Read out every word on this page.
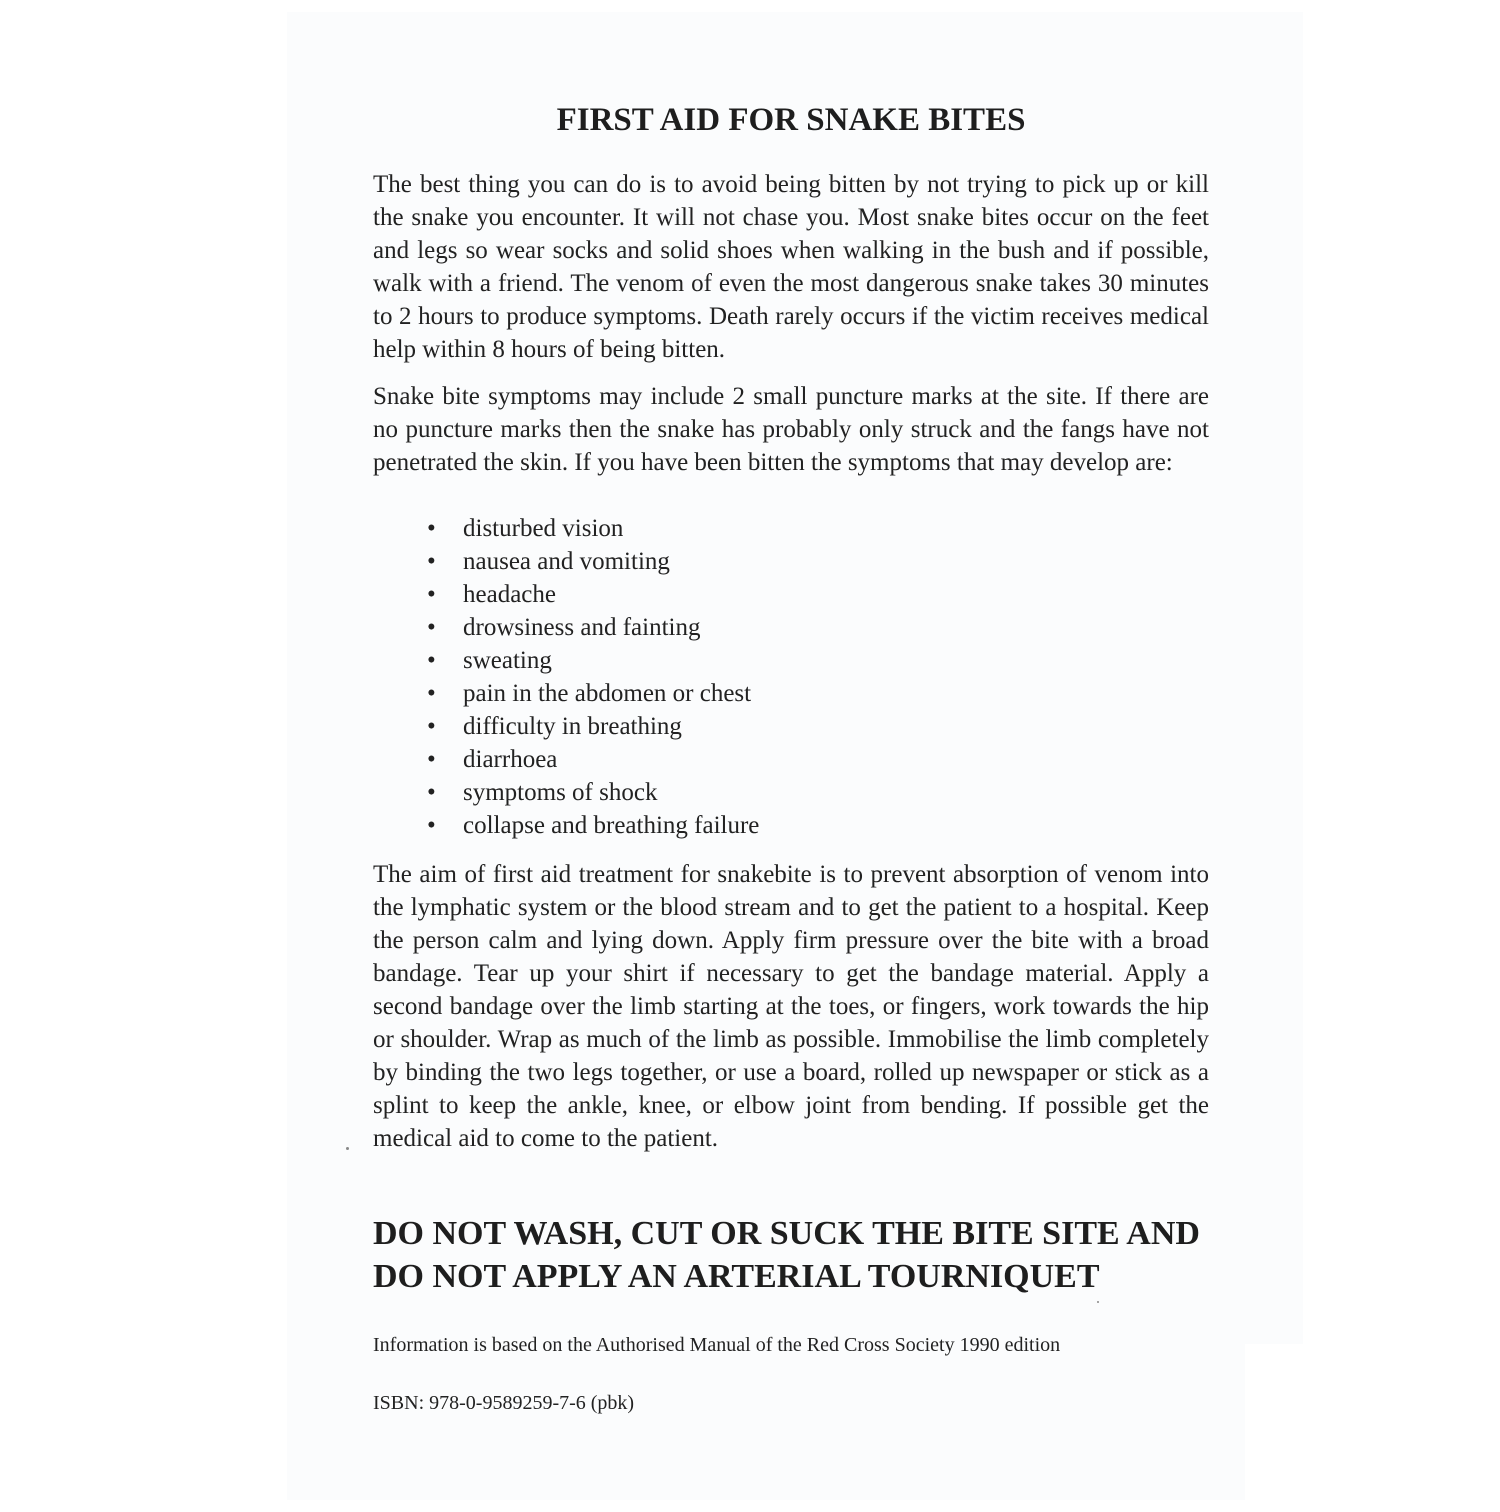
FIRST AID FOR SNAKE BITES

The best thing you can do is to avoid being bitten by not trying to pick up or kill the snake you encounter. It will not chase you. Most snake bites occur on the feet and legs so wear socks and solid shoes when walking in the bush and if possible, walk with a friend. The venom of even the most dangerous snake takes 30 minutes to 2 hours to produce symptoms. Death rarely occurs if the victim receives medical help within 8 hours of being bitten.

Snake bite symptoms may include 2 small puncture marks at the site. If there are no puncture marks then the snake has probably only struck and the fangs have not penetrated the skin. If you have been bitten the symptoms that may develop are:

• disturbed vision
• nausea and vomiting
• headache
• drowsiness and fainting
• sweating
• pain in the abdomen or chest
• difficulty in breathing
• diarrhoea
• symptoms of shock
• collapse and breathing failure

The aim of first aid treatment for snakebite is to prevent absorption of venom into the lymphatic system or the blood stream and to get the patient to a hospital. Keep the person calm and lying down. Apply firm pressure over the bite with a broad bandage. Tear up your shirt if necessary to get the bandage material. Apply a second bandage over the limb starting at the toes, or fingers, work towards the hip or shoulder. Wrap as much of the limb as possible. Immobilise the limb completely by binding the two legs together, or use a board, rolled up newspaper or stick as a splint to keep the ankle, knee, or elbow joint from bending. If possible get the medical aid to come to the patient.

DO NOT WASH, CUT OR SUCK THE BITE SITE AND DO NOT APPLY AN ARTERIAL TOURNIQUET

Information is based on the Authorised Manual of the Red Cross Society 1990 edition

ISBN: 978-0-9589259-7-6 (pbk)
